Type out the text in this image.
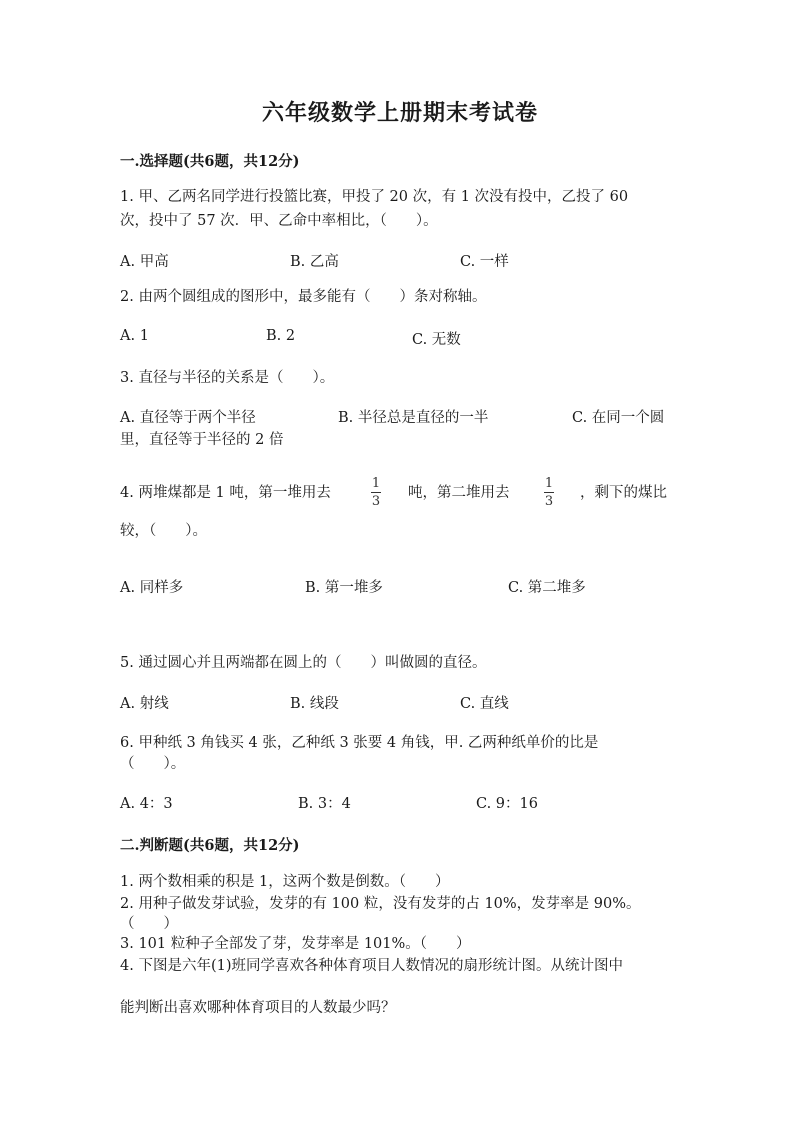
六年级数学上册期末考试卷
一.选择题(共6题，共12分)
1. 甲、乙两名同学进行投篮比赛，甲投了 20 次，有 1 次没有投中，乙投了 60
次，投中了 57 次．甲、乙命中率相比，（　　）。
A. 甲高	B. 乙高	C. 一样
2. 由两个圆组成的图形中，最多能有（　　）条对称轴。
A. 1	B. 2	C. 无数
3. 直径与半径的关系是（　　）。
A. 直径等于两个半径	B. 半径总是直径的一半	C. 在同一个圆
里，直径等于半径的 2 倍
4. 两堆煤都是 1 吨，第一堆用去
1
3
吨，第二堆用去
1
3
，剩下的煤比
较，（　　）。
A. 同样多	B. 第一堆多	C. 第二堆多
5. 通过圆心并且两端都在圆上的（　　）叫做圆的直径。
A. 射线	B. 线段	C. 直线
6. 甲种纸 3 角钱买 4 张，乙种纸 3 张要 4 角钱，甲. 乙两种纸单价的比是
（　　）。
A. 4：3	B. 3：4	C. 9：16
二.判断题(共6题，共12分)
1. 两个数相乘的积是 1，这两个数是倒数。（　　）
2. 用种子做发芽试验，发芽的有 100 粒，没有发芽的占 10%，发芽率是 90%。
（　　）
3. 101 粒种子全部发了芽，发芽率是 101%。（　　）
4. 下图是六年(1)班同学喜欢各种体育项目人数情况的扇形统计图。从统计图中
能判断出喜欢哪种体育项目的人数最少吗？
